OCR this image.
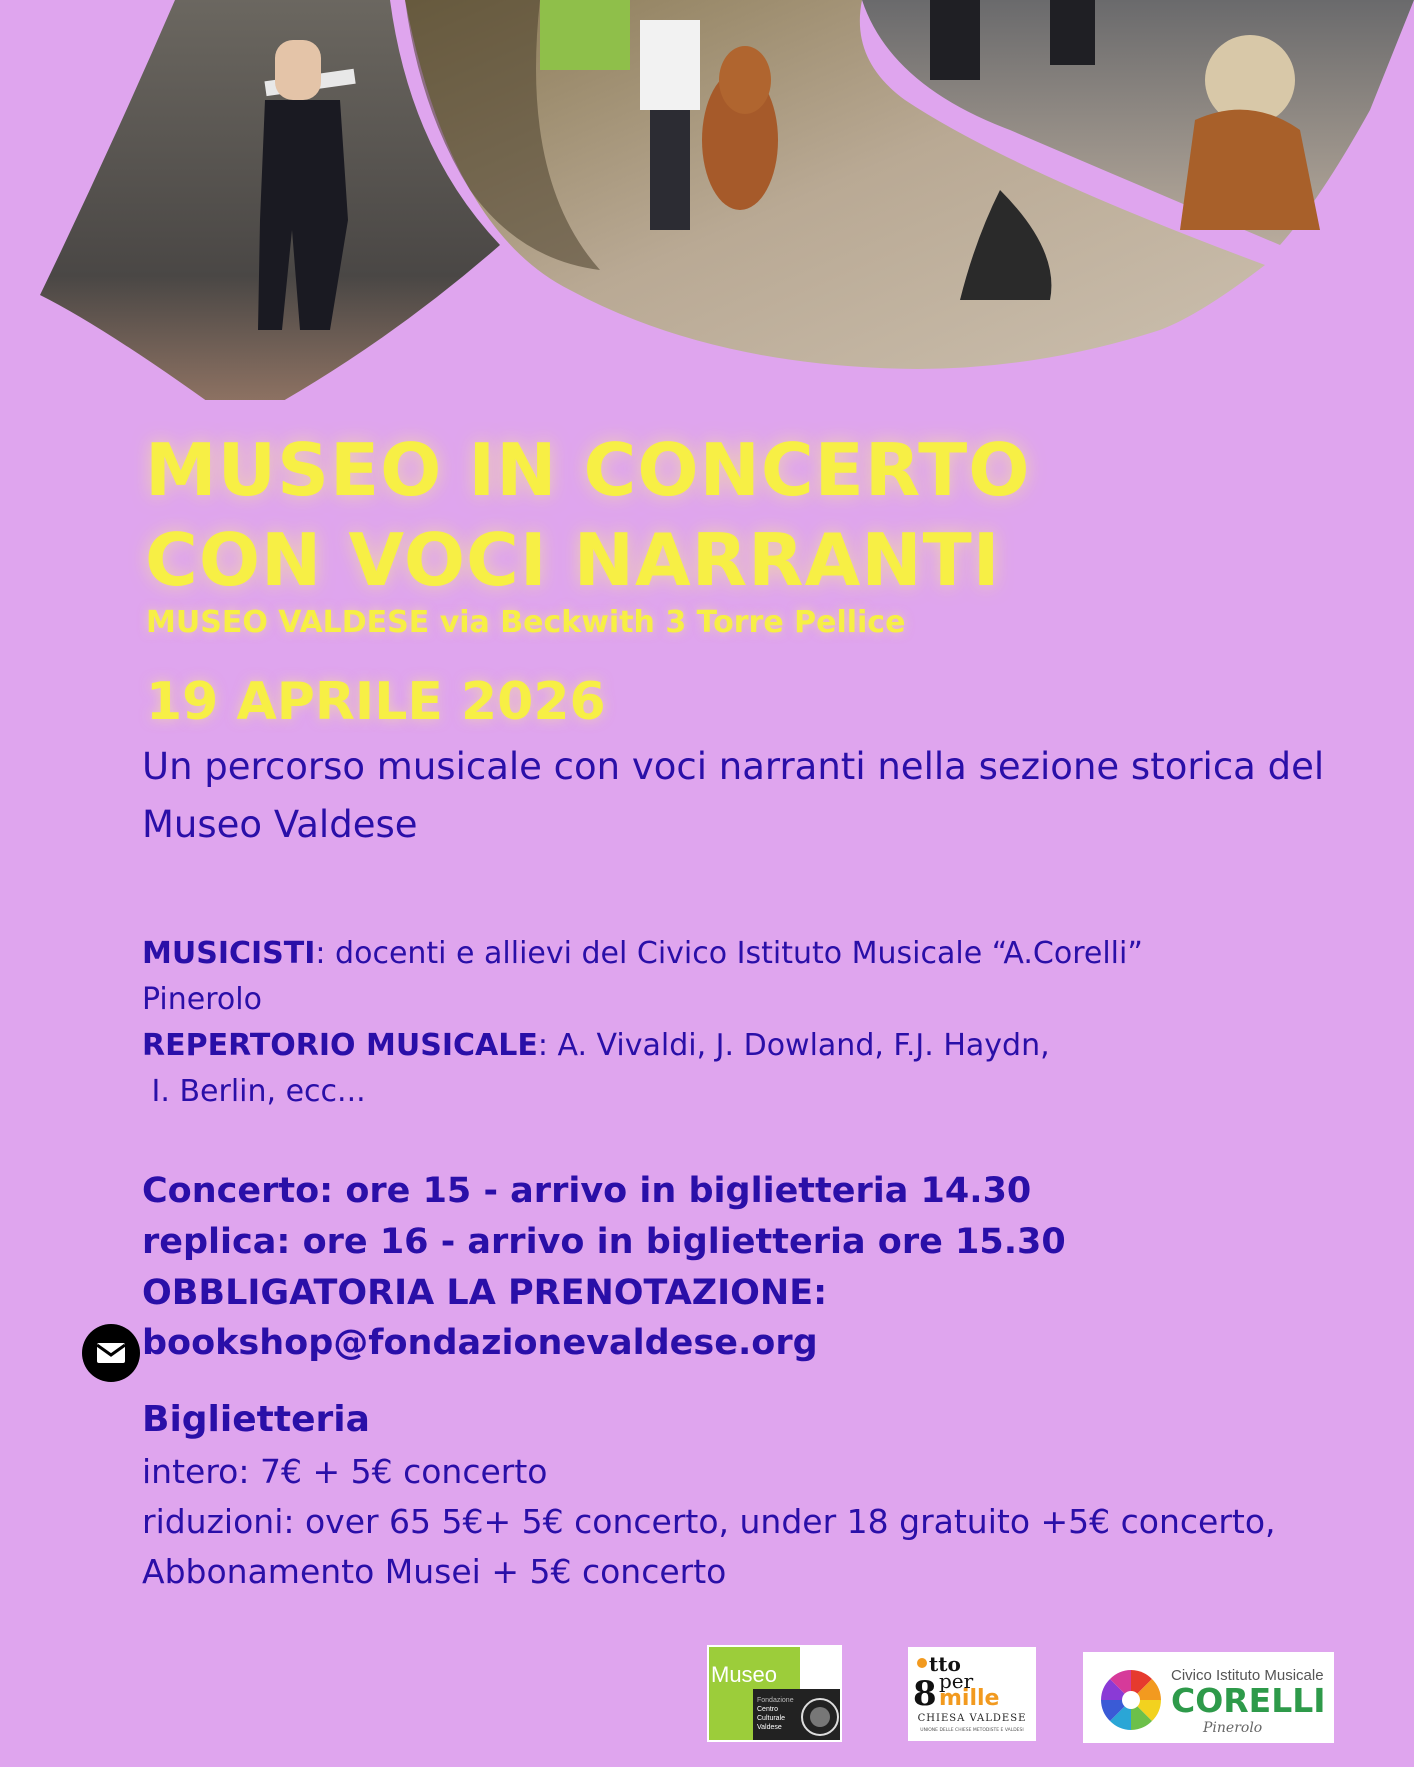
MUSEO IN CONCERTO
CON VOCI NARRANTI
MUSEO VALDESE via Beckwith 3 Torre Pellice
19 APRILE 2026
Un percorso musicale con voci narranti nella sezione storica del Museo Valdese
MUSICISTI: docenti e allievi del Civico Istituto Musicale “A.Corelli”
Pinerolo
REPERTORIO MUSICALE: A. Vivaldi, J. Dowland, F.J. Haydn,
I. Berlin, ecc...
Concerto: ore 15 - arrivo in biglietteria 14.30
replica: ore 16 - arrivo in biglietteria ore 15.30
OBBLIGATORIA LA PRENOTAZIONE:
bookshop@fondazionevaldese.org
Biglietteria
intero: 7€ + 5€ concerto
riduzioni: over 65 5€+ 5€ concerto, under 18 gratuito +5€ concerto,
Abbonamento Musei + 5€ concerto
Museo
Fondazione
Centro
Culturale
Valdese
tto
8 per
mille
CHIESA VALDESE
UNIONE DELLE CHIESE METODISTE E VALDESI
Civico Istituto Musicale
CORELLI
Pinerolo
